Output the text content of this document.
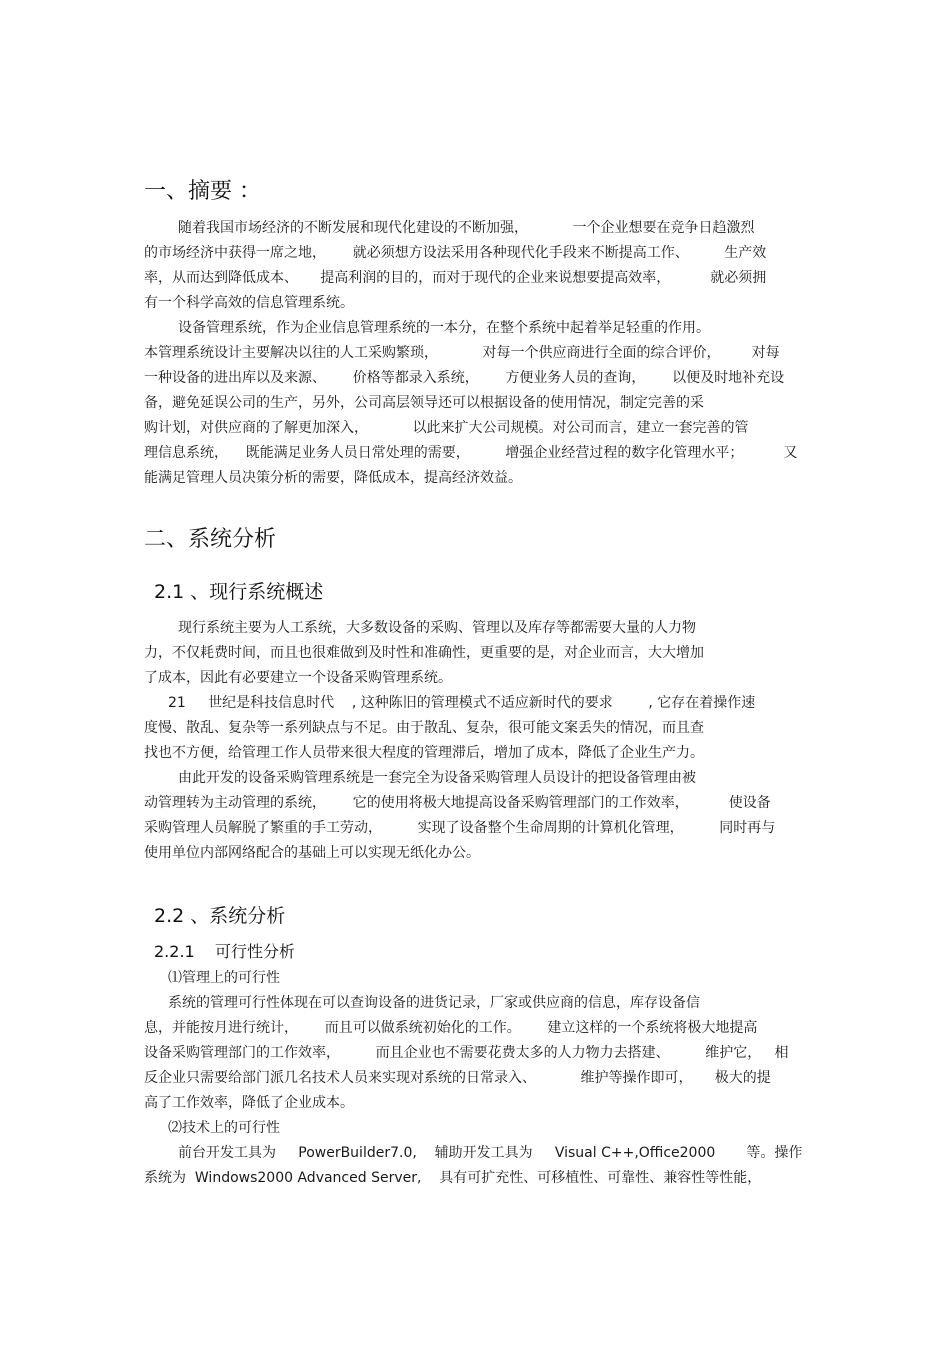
一、摘要 ：
随着我国市场经济的不断发展和现代化建设的不断加强，          一个企业想要在竞争日趋激烈
的市场经济中获得一席之地，      就必须想方设法采用各种现代化手段来不断提高工作、        生产效
率，从而达到降低成本、     提高利润的目的，而对于现代的企业来说想要提高效率，         就必须拥
有一个科学高效的信息管理系统。
设备管理系统，作为企业信息管理系统的一本分，在整个系统中起着举足轻重的作用。
本管理系统设计主要解决以往的人工采购繁琐，          对每一个供应商进行全面的综合评价，       对每
一种设备的进出库以及来源、      价格等都录入系统，      方便业务人员的查询，      以便及时地补充设
备，避免延误公司的生产，另外，公司高层领导还可以根据设备的使用情况，制定完善的采
购计划，对供应商的了解更加深入，          以此来扩大公司规模。对公司而言，建立一套完善的管
理信息系统，    既能满足业务人员日常处理的需要，        增强企业经营过程的数字化管理水平；         又
能满足管理人员决策分析的需要，降低成本，提高经济效益。
二、系统分析
2.1 、现行系统概述
现行系统主要为人工系统，大多数设备的采购、管理以及库存等都需要大量的人力物
力，不仅耗费时间，而且也很难做到及时性和准确性，更重要的是，对企业而言，大大增加
了成本，因此有必要建立一个设备采购管理系统。
21     世纪是科技信息时代    , 这种陈旧的管理模式不适应新时代的要求        , 它存在着操作速
度慢、散乱、复杂等一系列缺点与不足。由于散乱、复杂，很可能文案丢失的情况，而且查
找也不方便，给管理工作人员带来很大程度的管理滞后，增加了成本，降低了企业生产力。
由此开发的设备采购管理系统是一套完全为设备采购管理人员设计的把设备管理由被
动管理转为主动管理的系统，      它的使用将极大地提高设备采购管理部门的工作效率，         使设备
采购管理人员解脱了繁重的手工劳动，        实现了设备整个生命周期的计算机化管理，        同时再与
使用单位内部网络配合的基础上可以实现无纸化办公。
2.2 、系统分析
2.2.1    可行性分析
⑴管理上的可行性
系统的管理可行性体现在可以查询设备的进货记录，厂家或供应商的信息，库存设备信
息，并能按月进行统计，      而且可以做系统初始化的工作。      建立这样的一个系统将极大地提高
设备采购管理部门的工作效率，        而且企业也不需要花费太多的人力物力去搭建、        维护它，   相
反企业只需要给部门派几名技术人员来实现对系统的日常录入、          维护等操作即可，     极大的提
高了工作效率，降低了企业成本。
⑵技术上的可行性
前台开发工具为     PowerBuilder7.0,    辅助开发工具为     Visual C++,Office2000       等。操作
系统为  Windows2000 Advanced Server,    具有可扩充性、可移植性、可靠性、兼容性等性能，
